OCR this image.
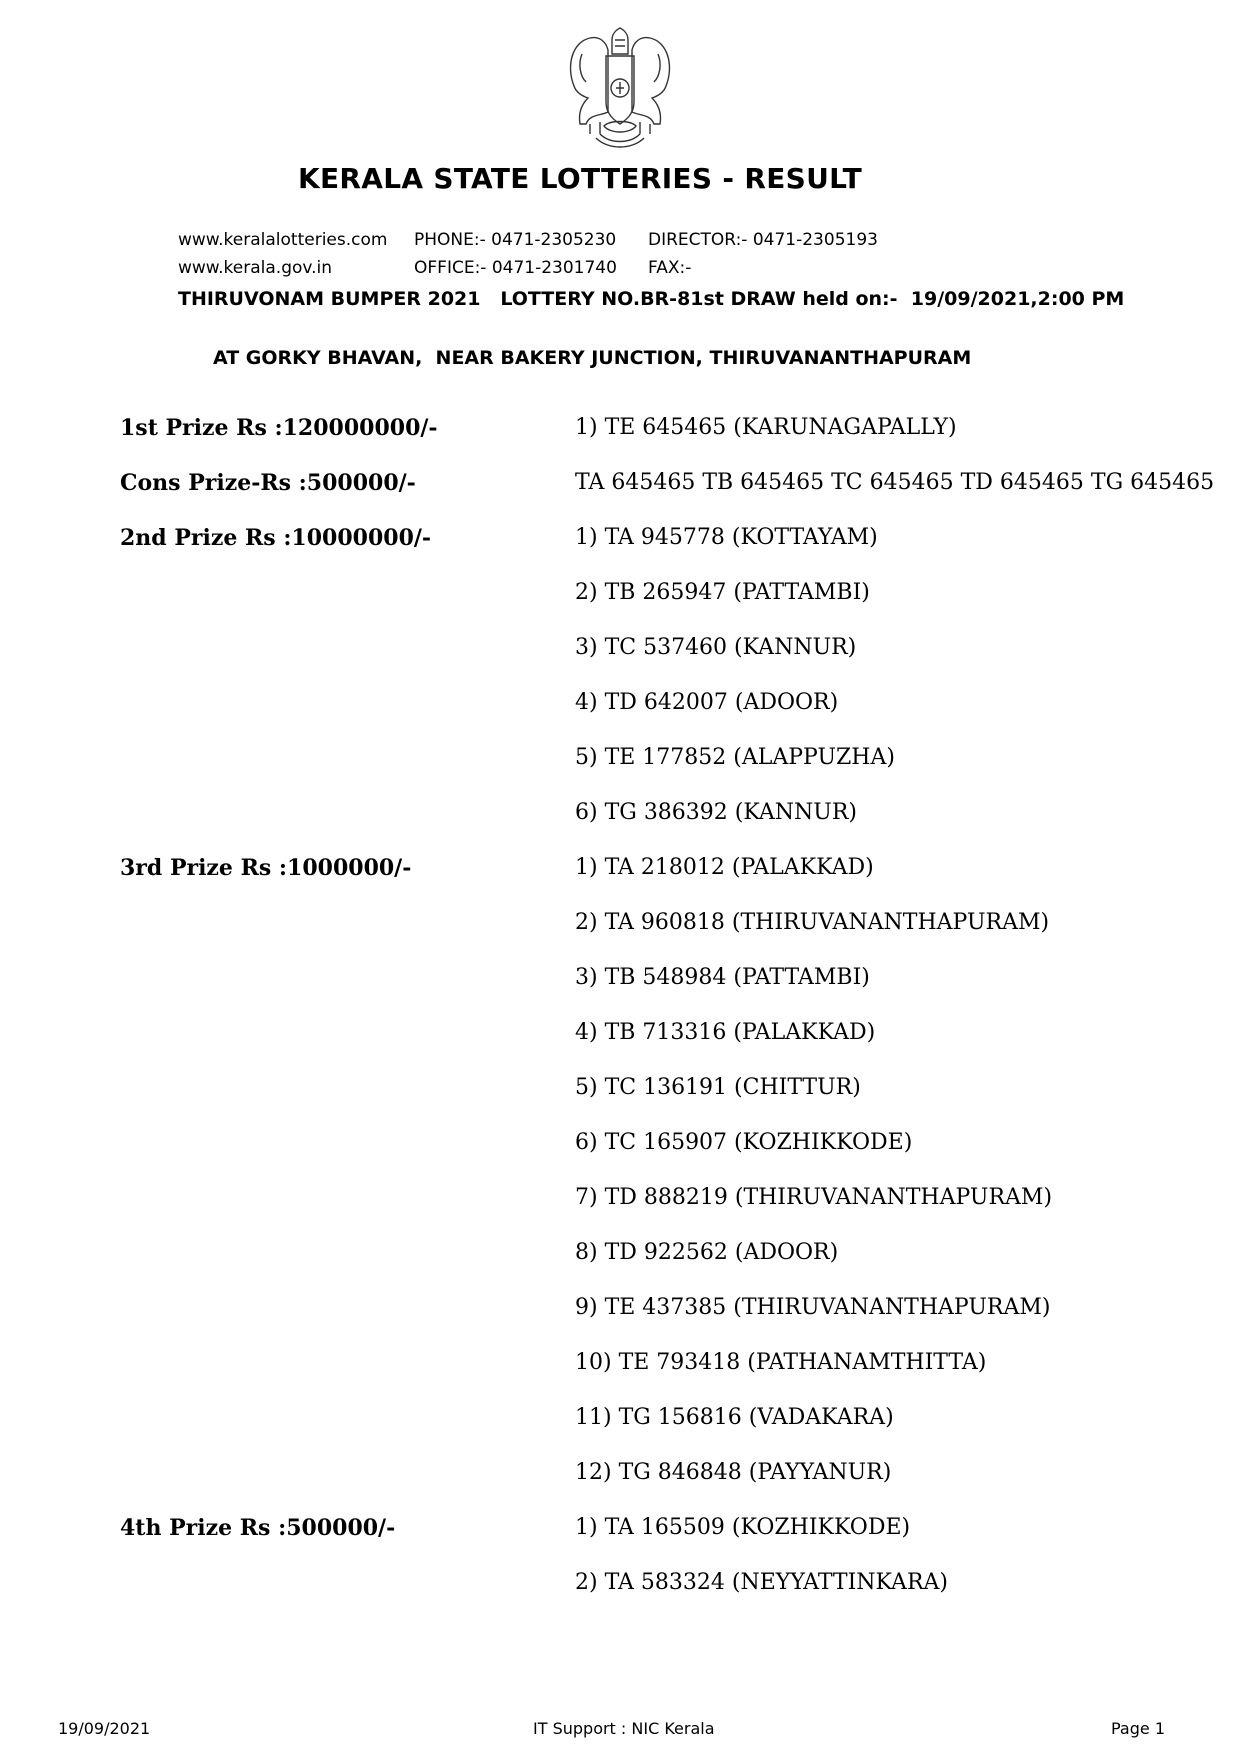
KERALA STATE LOTTERIES - RESULT
www.keralalotteries.com PHONE:- 0471-2305230 DIRECTOR:- 0471-2305193
www.kerala.gov.in	OFFICE:- 0471-2301740 FAX:-
THIRUVONAM BUMPER 2021   LOTTERY NO.BR-81st DRAW held on:-  19/09/2021,2:00 PM
AT GORKY BHAVAN,  NEAR BAKERY JUNCTION, THIRUVANANTHAPURAM
1st Prize Rs :120000000/-	1) TE 645465 (KARUNAGAPALLY)
Cons Prize-Rs :500000/-	TA 645465 TB 645465 TC 645465 TD 645465 TG 645465
2nd Prize Rs :10000000/-	1) TA 945778 (KOTTAYAM)
2) TB 265947 (PATTAMBI)
3) TC 537460 (KANNUR)
4) TD 642007 (ADOOR)
5) TE 177852 (ALAPPUZHA)
6) TG 386392 (KANNUR)
3rd Prize Rs :1000000/-	1) TA 218012 (PALAKKAD)
2) TA 960818 (THIRUVANANTHAPURAM)
3) TB 548984 (PATTAMBI)
4) TB 713316 (PALAKKAD)
5) TC 136191 (CHITTUR)
6) TC 165907 (KOZHIKKODE)
7) TD 888219 (THIRUVANANTHAPURAM)
8) TD 922562 (ADOOR)
9) TE 437385 (THIRUVANANTHAPURAM)
10) TE 793418 (PATHANAMTHITTA)
11) TG 156816 (VADAKARA)
12) TG 846848 (PAYYANUR)
4th Prize Rs :500000/-	1) TA 165509 (KOZHIKKODE)
2) TA 583324 (NEYYATTINKARA)
19/09/2021	IT Support : NIC Kerala	Page 1
